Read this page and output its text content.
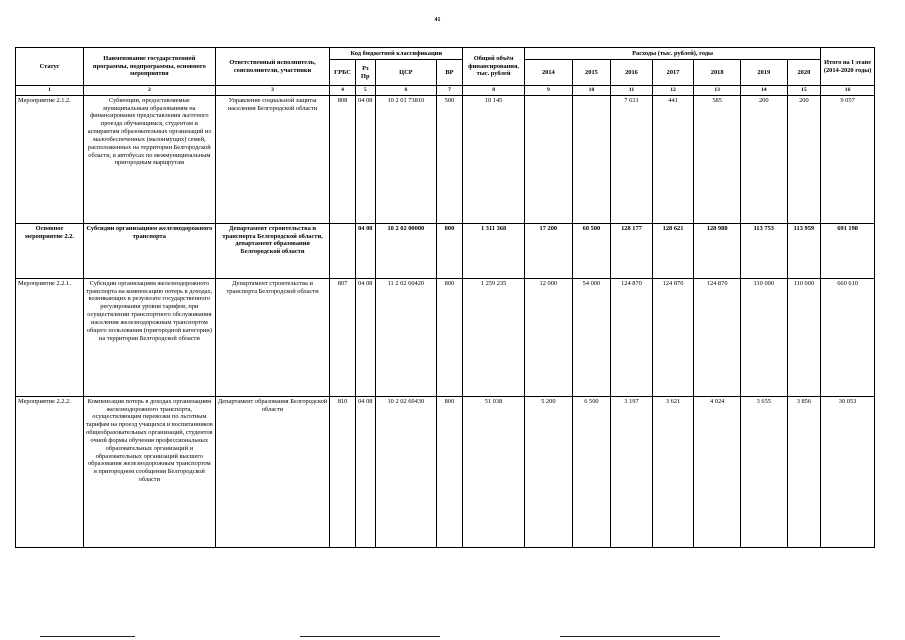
41
Статус	Наименование государственной программы, подпрограммы, основного мероприятия	Ответственный исполнитель, соисполнители, участники	Код бюджетной классификации				Общий объём финансирования, тыс. рублей	Расходы (тыс. рублей), годы							Итого на I этапе (2014-2020 годы)
			ГРБС	Рз Пр	ЦСР	ВР		2014	2015	2016	2017	2018	2019	2020	
1	2	3	4	5	6	7	8	9	10	11	12	13	14	15	16
Мероприятие 2.1.2.	Субвенции, предоставляемые муниципальным образованиям на финансирование предоставления льготного проезда обучающимся, студентам и аспирантам образовательных организаций из малообеспеченных (малоимущих) семей, расположенных на территории Белгородской области, в автобусах по межмуниципальным пригородным маршрутам	Управление социальной защиты населения Белгородской области	808	04 08	10 2 01 73810	500	10 145			7 631	441	585	200	200	9 057
Основное мероприятие 2.2.	Субсидии организациям железнодорожного транспорта	Департамент строительства и транспорта Белгородской области, департамент образования Белгородской области		04 08	10 2 02 00000	800	1 311 368	17 200	60 500	128 177	128 621	128 988	113 753	113 959	691 198
Мероприятие 2.2.1.	Субсидии организациям железнодорожного транспорта на компенсацию потерь в доходах, возникающих в результате государственного регулирования уровня тарифов, при осуществлении транспортного обслуживания населения железнодорожным транспортом общего пользования (пригородной категории) на территории Белгородской области	Департамент строительства и транспорта Белгородской области	807	04 08	11 2 02 60420	800	1 259 235	12 000	54 000	124 870	124 870	124 870	110 000	110 000	660 610
Мероприятие 2.2.2.	Компенсация потерь в доходах организациям железнодорожного транспорта, осуществляющим перевозки по льготным тарифам на проезд учащихся и воспитанников общеобразовательных организаций, студентов очной формы обучения профессиональных образовательных организаций и образовательных организаций высшего образования железнодорожным транспортом в пригородном сообщении Белгородской области	Департамент образования Белгородской области	810	04 08	10 2 02 60430	800	51 038	5 200	6 500	3 197	3 621	4 024	3 655	3 856	30 053
